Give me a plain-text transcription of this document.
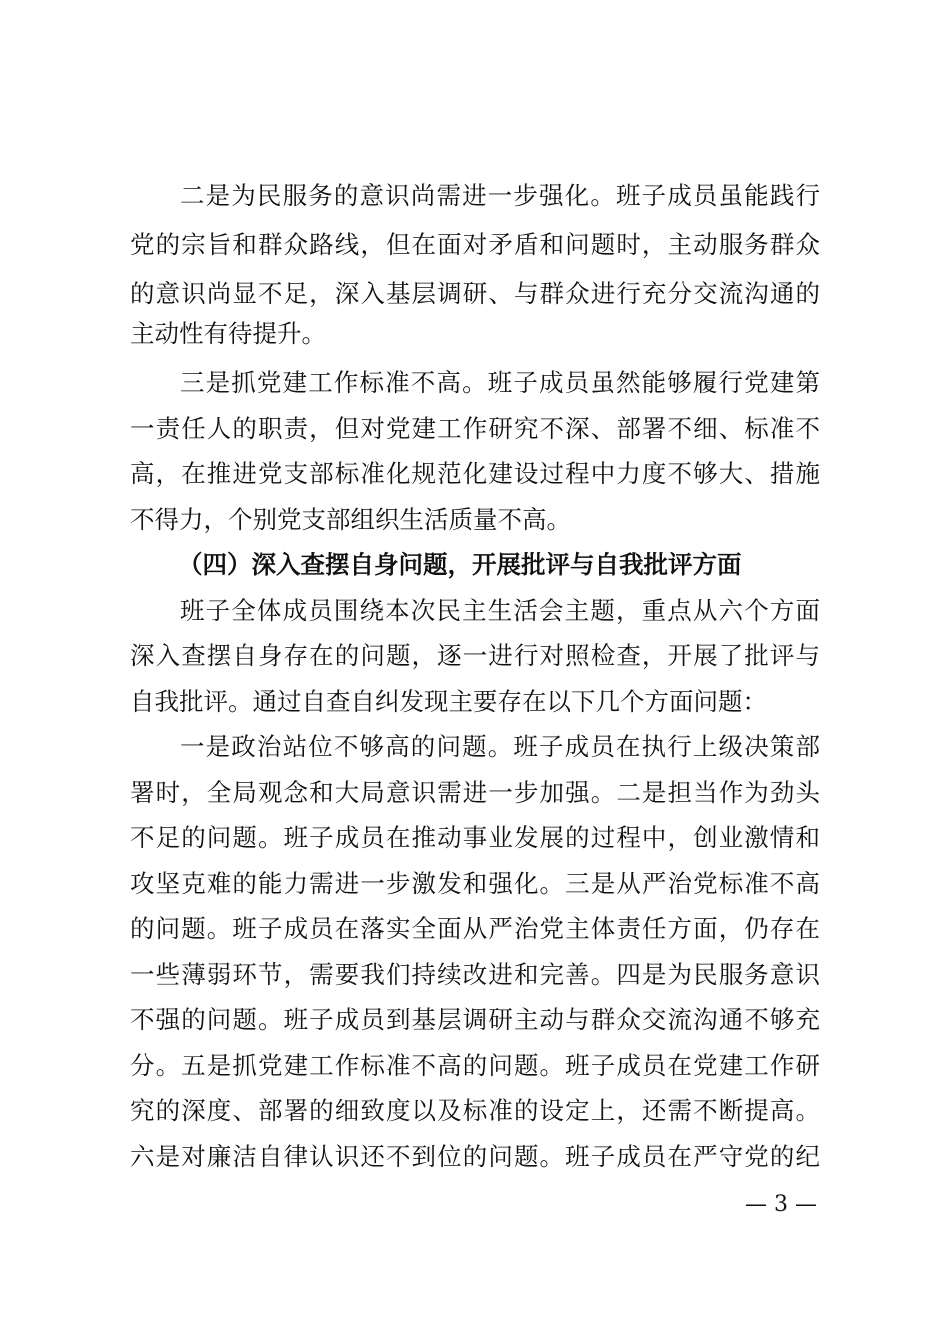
二是为民服务的意识尚需进一步强化。班子成员虽能践行
党的宗旨和群众路线，但在面对矛盾和问题时，主动服务群众
的意识尚显不足，深入基层调研、与群众进行充分交流沟通的
主动性有待提升。
三是抓党建工作标准不高。班子成员虽然能够履行党建第
一责任人的职责，但对党建工作研究不深、部署不细、标准不
高，在推进党支部标准化规范化建设过程中力度不够大、措施
不得力，个别党支部组织生活质量不高。
（四）深入查摆自身问题，开展批评与自我批评方面
班子全体成员围绕本次民主生活会主题，重点从六个方面
深入查摆自身存在的问题，逐一进行对照检查，开展了批评与
自我批评。通过自查自纠发现主要存在以下几个方面问题：
一是政治站位不够高的问题。班子成员在执行上级决策部
署时，全局观念和大局意识需进一步加强。二是担当作为劲头
不足的问题。班子成员在推动事业发展的过程中，创业激情和
攻坚克难的能力需进一步激发和强化。三是从严治党标准不高
的问题。班子成员在落实全面从严治党主体责任方面，仍存在
一些薄弱环节，需要我们持续改进和完善。四是为民服务意识
不强的问题。班子成员到基层调研主动与群众交流沟通不够充
分。五是抓党建工作标准不高的问题。班子成员在党建工作研
究的深度、部署的细致度以及标准的设定上，还需不断提高。
六是对廉洁自律认识还不到位的问题。班子成员在严守党的纪
— 3 —
